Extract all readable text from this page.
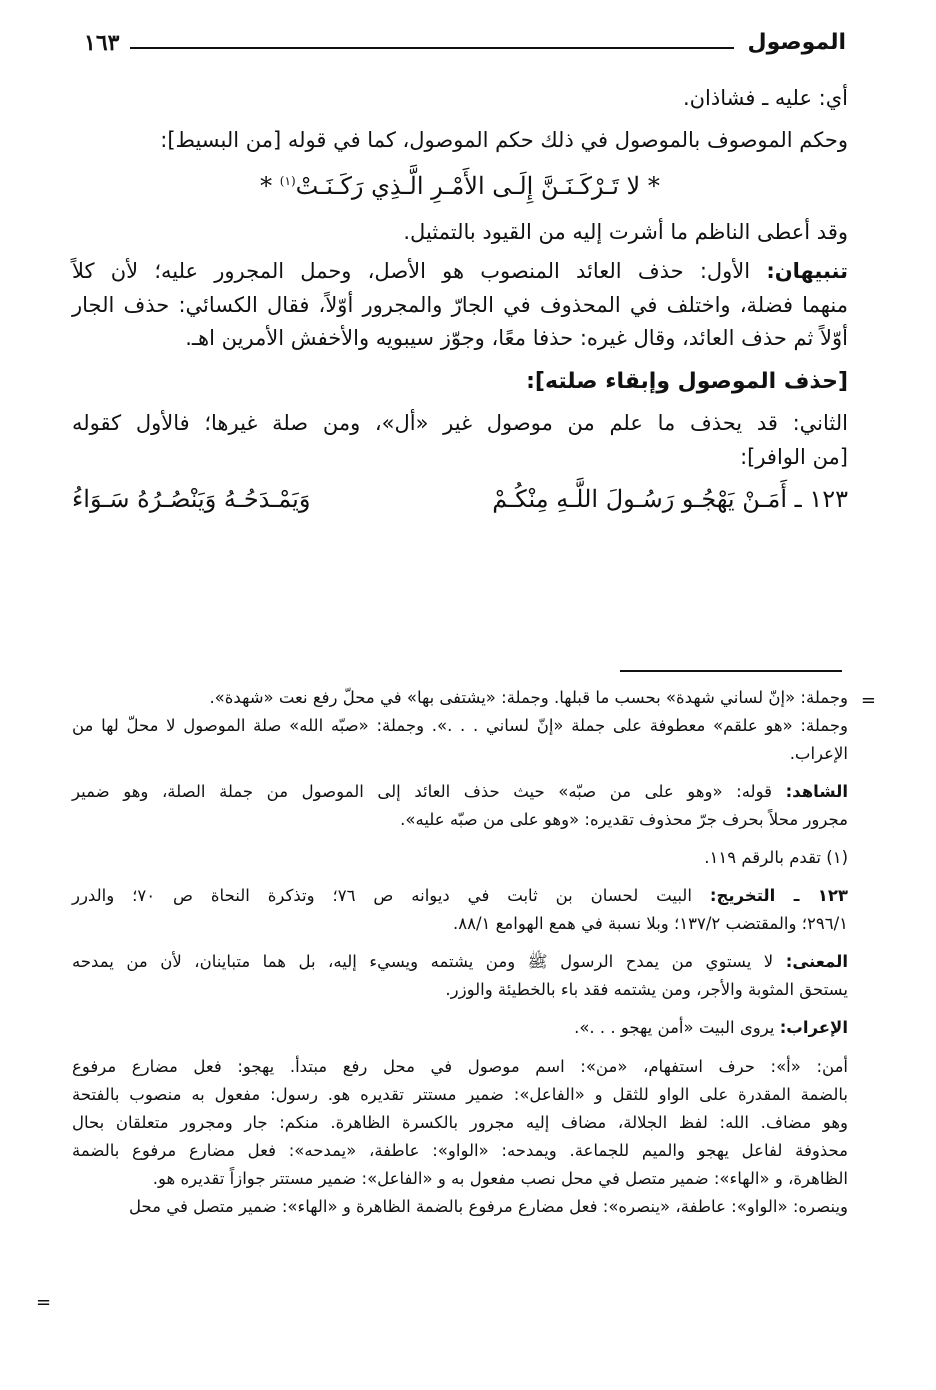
الموصول
١٦٣

أي: عليه ـ فشاذان.

وحكم الموصوف بالموصول في ذلك حكم الموصول، كما في قوله [من البسيط]:

* لا تَـرْكَـنَـنَّ إِلَـى الأَمْـرِ الَّـذِي رَكَـنَـتْ$^{(١)}$ *

وقد أعطى الناظم ما أشرت إليه من القيود بالتمثيل.

تنبيهان: الأول: حذف العائد المنصوب هو الأصل، وحمل المجرور عليه؛ لأن كلاً

منهما فضلة، واختلف في المحذوف في الجارّ والمجرور أوّلاً، فقال الكسائي: حذف الجار

أوّلاً ثم حذف العائد، وقال غيره: حذفا معًا، وجوّز سيبويه والأخفش الأمرين اهـ.

[حذف الموصول وإبقاء صلته]:

الثاني: قد يحذف ما علم من موصول غير «أل»، ومن صلة غيرها؛ فالأول كقوله

[من الوافر]:

١٢٣ ـ أَمَـنْ يَهْجُـو رَسُـولَ اللَّـهِ مِنْكُـمْ
وَيَمْـدَحُـهُ وَيَنْصُـرُهُ سَـوَاءُ
=

وجملة: «إنّ لساني شهدة» بحسب ما قبلها. وجملة: «يشتفى بها» في محلّ رفع نعت «شهدة».

وجملة: «هو علقم» معطوفة على جملة «إنّ لساني . . .». وجملة: «صبّه الله» صلة الموصول لا محلّ لها من

الإعراب.

الشاهد: قوله: «وهو على من صبّه» حيث حذف العائد إلى الموصول من جملة الصلة، وهو ضمير

مجرور محلاً بحرف جرّ محذوف تقديره: «وهو على من صبّه عليه».

(١) تقدم بالرقم ١١٩.

١٢٣ ـ التخريج: البيت لحسان بن ثابت في ديوانه ص ٧٦؛ وتذكرة النحاة ص ٧٠؛ والدرر

٢٩٦/١؛ والمقتضب ١٣٧/٢؛ وبلا نسبة في همع الهوامع ٨٨/١.

المعنى: لا يستوي من يمدح الرسول ﷺ ومن يشتمه ويسيء إليه، بل هما متباينان، لأن من يمدحه

يستحق المثوبة والأجر، ومن يشتمه فقد باء بالخطيئة والوزر.

الإعراب: يروى البيت «أمن يهجو . . .».

أمن: «أ»: حرف استفهام، «من»: اسم موصول في محل رفع مبتدأ. يهجو: فعل مضارع مرفوع

بالضمة المقدرة على الواو للثقل و «الفاعل»: ضمير مستتر تقديره هو. رسول: مفعول به منصوب بالفتحة

وهو مضاف. الله: لفظ الجلالة، مضاف إليه مجرور بالكسرة الظاهرة. منكم: جار ومجرور متعلقان بحال

محذوفة لفاعل يهجو والميم للجماعة. ويمدحه: «الواو»: عاطفة، «يمدحه»: فعل مضارع مرفوع بالضمة

الظاهرة، و «الهاء»: ضمير متصل في محل نصب مفعول به و «الفاعل»: ضمير مستتر جوازاً تقديره هو.

وينصره: «الواو»: عاطفة، «ينصره»: فعل مضارع مرفوع بالضمة الظاهرة و «الهاء»: ضمير متصل في محل

=
